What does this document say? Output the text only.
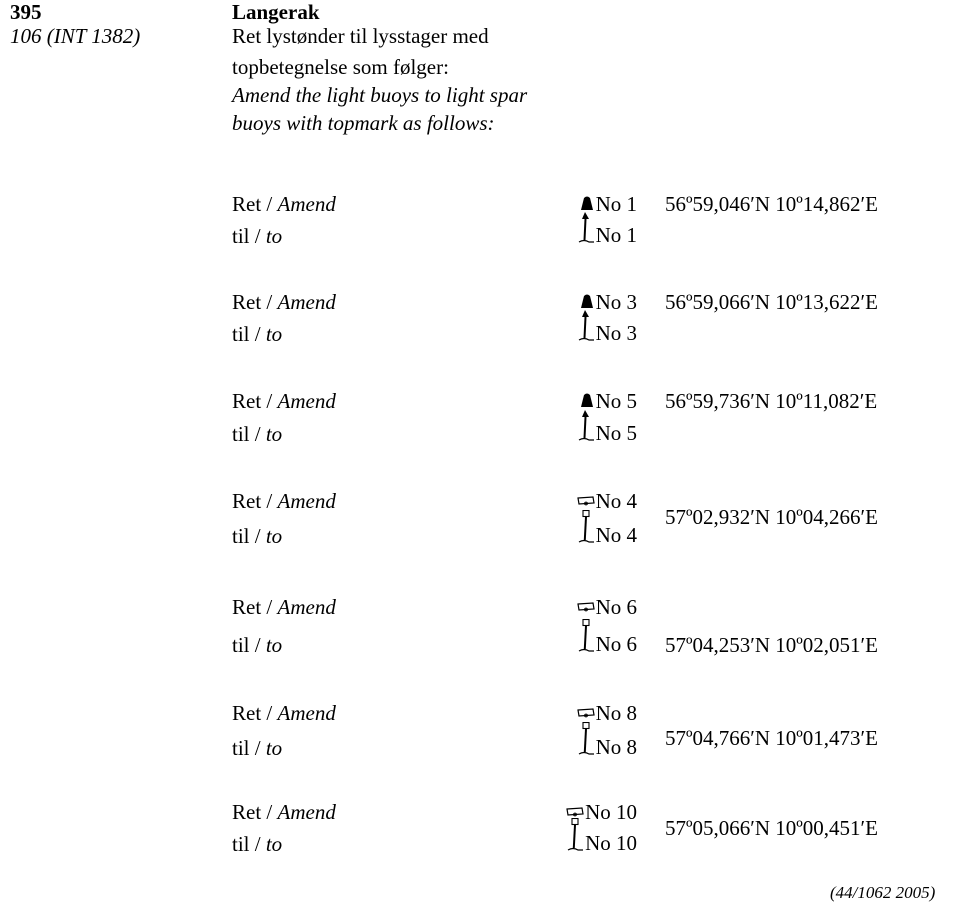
395
106 (INT 1382)
Langerak
Ret lystønder til lysstager med
topbetegnelse som følger:
Amend the light buoys to light spar
buoys with topmark as follows:
Ret / Amend
til / to
No 1
No 1
56º59,046′N 10º14,862′E
Ret / Amend
til / to
No 3
No 3
56º59,066′N 10º13,622′E
Ret / Amend
til / to
No 5
No 5
56º59,736′N 10º11,082′E
Ret / Amend
til / to
No 4
No 4
57º02,932′N 10º04,266′E
Ret / Amend
til / to
No 6
No 6 57º04,253′N 10º02,051′E
Ret / Amend
til / to
No 8
No 8 57º04,766′N 10º01,473′E
Ret / Amend
til / to
No 10
No 10
57º05,066′N 10º00,451′E
(44/1062 2005)
